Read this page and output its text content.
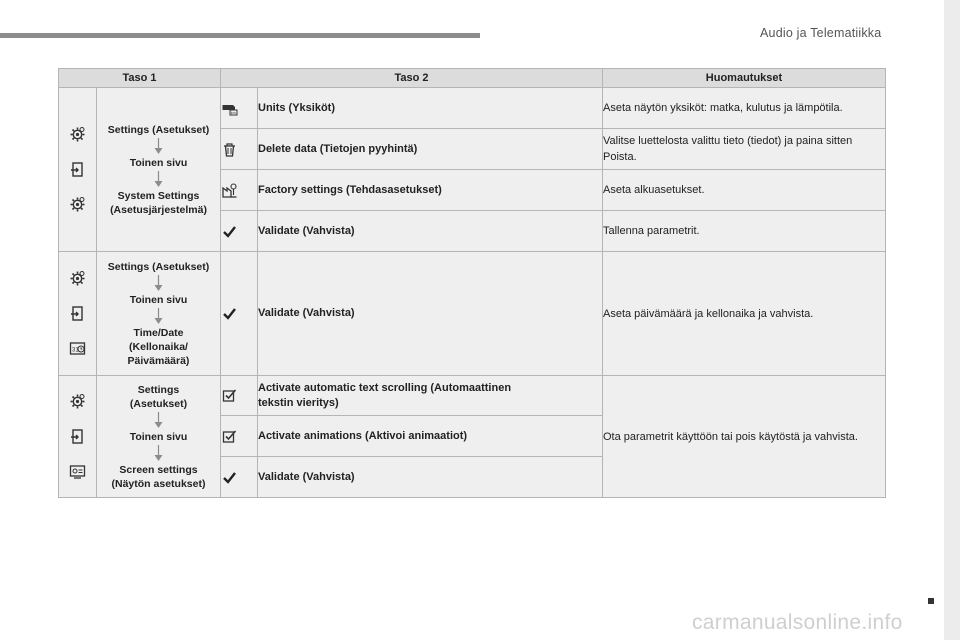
Audio ja Telematiikka
Taso 1		Taso 2		Huomautukset

	Settings (Asetukset)
Toinen sivu
System Settings
(Asetusjärjestelmä)		Units (Yksiköt)	Aseta näytön yksiköt: matka, kulutus ja lämpötila.

	Delete data (Tietojen pyyhintä)	Valitse luettelosta valittu tieto (tiedot) ja paina sitten Poista.

	Factory settings (Tehdasasetukset)	Aseta alkuasetukset.

	Validate (Vahvista)	Tallenna parametrit.

	Settings (Asetukset)
Toinen sivu
Time/Date
(Kellonaika/
Päivämäärä)		Validate (Vahvista)	Aseta päivämäärä ja kellonaika ja vahvista.

	Settings
(Asetukset)
Toinen sivu
Screen settings
(Näytön asetukset)		Activate automatic text scrolling (Automaattinen
tekstin vieritys)	Ota parametrit käyttöön tai pois käytöstä ja vahvista.

	Activate animations (Aktivoi animaatiot)	

	Validate (Vahvista)	
carmanualsonline.info
